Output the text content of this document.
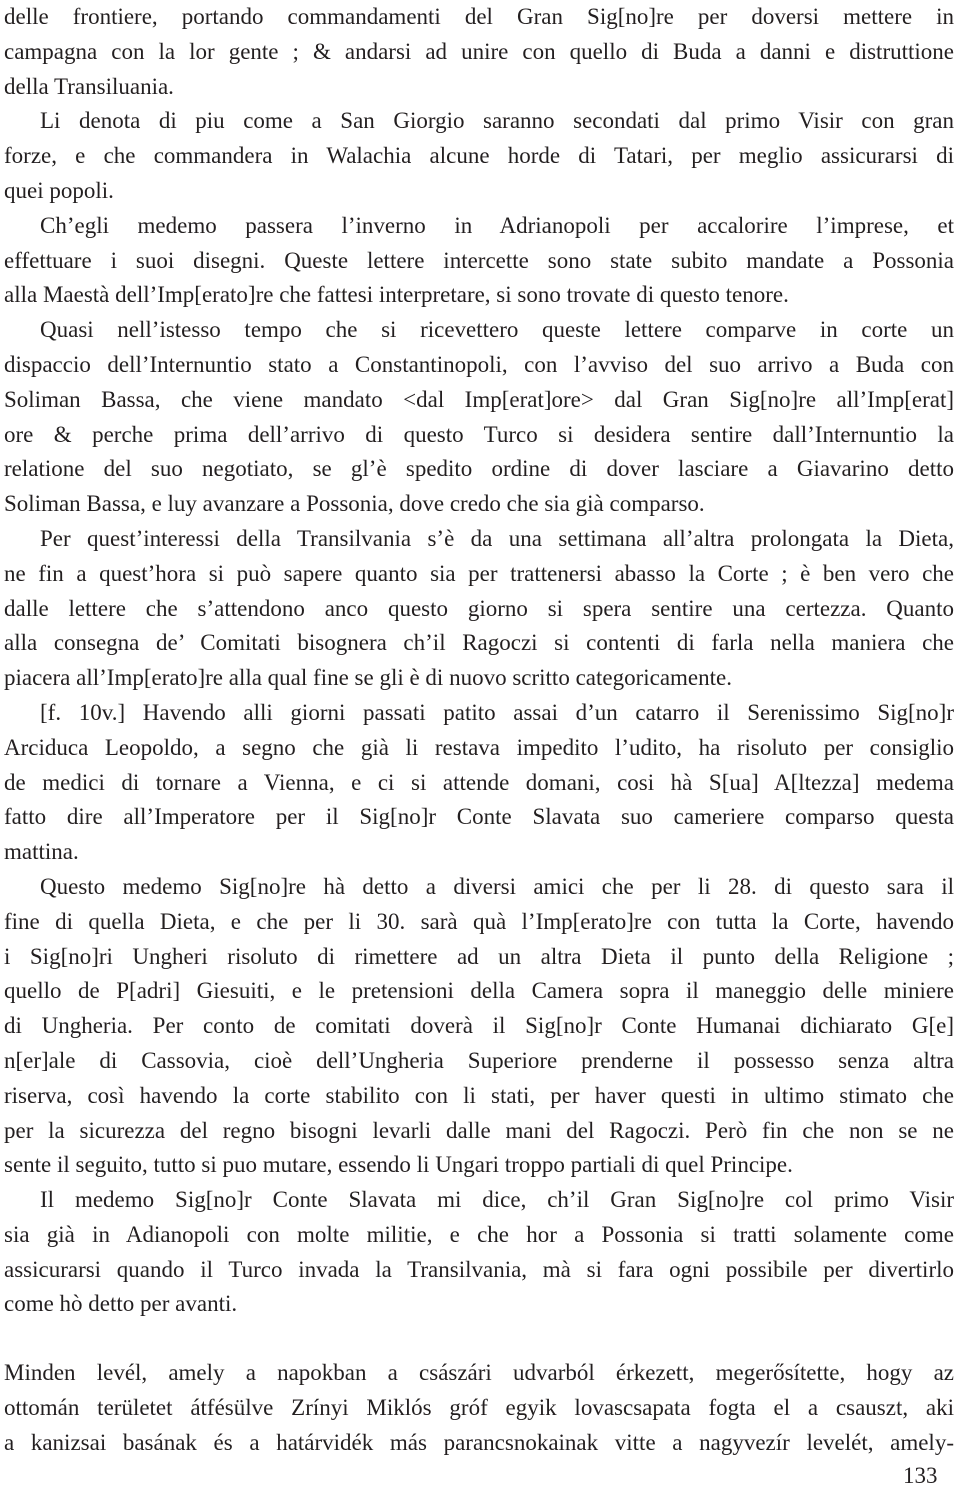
delle frontiere, portando commandamenti del Gran Sig[no]re per doversi mettere in
campagna con la lor gente ; & andarsi ad unire con quello di Buda a danni e distruttione
della Transiluania.
Li denota di piu come a San Giorgio saranno secondati dal primo Visir con gran
forze, e che commandera in Walachia alcune horde di Tatari, per meglio assicurarsi di
quei popoli.
Ch’egli medemo passera l’inverno in Adrianopoli per accalorire l’imprese, et
effettuare i suoi disegni. Queste lettere intercette sono state subito mandate a Possonia
alla Maestà dell’Imp[erato]re che fattesi interpretare, si sono trovate di questo tenore.
Quasi nell’istesso tempo che si ricevettero queste lettere comparve in corte un
dispaccio dell’Internuntio stato a Constantinopoli, con l’avviso del suo arrivo a Buda con
Soliman Bassa, che viene mandato <dal Imp[erat]ore> dal Gran Sig[no]re all’Imp[erat]
ore & perche prima dell’arrivo di questo Turco si desidera sentire dall’Internuntio la
relatione del suo negotiato, se gl’è spedito ordine di dover lasciare a Giavarino detto
Soliman Bassa, e luy avanzare a Possonia, dove credo che sia già comparso.
Per quest’interessi della Transilvania s’è da una settimana all’altra prolongata la Dieta,
ne fin a quest’hora si può sapere quanto sia per trattenersi abasso la Corte ; è ben vero che
dalle lettere che s’attendono anco questo giorno si spera sentire una certezza. Quanto
alla consegna de’ Comitati bisognera ch’il Ragoczi si contenti di farla nella maniera che
piacera all’Imp[erato]re alla qual fine se gli è di nuovo scritto categoricamente.
[f. 10v.] Havendo alli giorni passati patito assai d’un catarro il Serenissimo Sig[no]r
Arciduca Leopoldo, a segno che già li restava impedito l’udito, ha risoluto per consiglio
de medici di tornare a Vienna, e ci si attende domani, cosi hà S[ua] A[ltezza] medema
fatto dire all’Imperatore per il Sig[no]r Conte Slavata suo cameriere comparso questa
mattina.
Questo medemo Sig[no]re hà detto a diversi amici che per li 28. di questo sara il
fine di quella Dieta, e che per li 30. sarà quà l’Imp[erato]re con tutta la Corte, havendo
i Sig[no]ri Ungheri risoluto di rimettere ad un altra Dieta il punto della Religione ;
quello de P[adri] Giesuiti, e le pretensioni della Camera sopra il maneggio delle miniere
di Ungheria. Per conto de comitati doverà il Sig[no]r Conte Humanai dichiarato G[e]
n[er]ale di Cassovia, cioè dell’Ungheria Superiore prenderne il possesso senza altra
riserva, così havendo la corte stabilito con li stati, per haver questi in ultimo stimato che
per la sicurezza del regno bisogni levarli dalle mani del Ragoczi. Però fin che non se ne
sente il seguito, tutto si puo mutare, essendo li Ungari troppo partiali di quel Principe.
Il medemo Sig[no]r Conte Slavata mi dice, ch’il Gran Sig[no]re col primo Visir
sia già in Adianopoli con molte militie, e che hor a Possonia si tratti solamente come
assicurarsi quando il Turco invada la Transilvania, mà si fara ogni possibile per divertirlo
come hò detto per avanti.
Minden levél, amely a napokban a császári udvarból érkezett, megerősítette, hogy az
ottomán területet átfésülve Zrínyi Miklós gróf egyik lovascsapata fogta el a csauszt, aki
a kanizsai basának és a határvidék más parancsnokainak vitte a nagyvezír levelét, amely-
133
